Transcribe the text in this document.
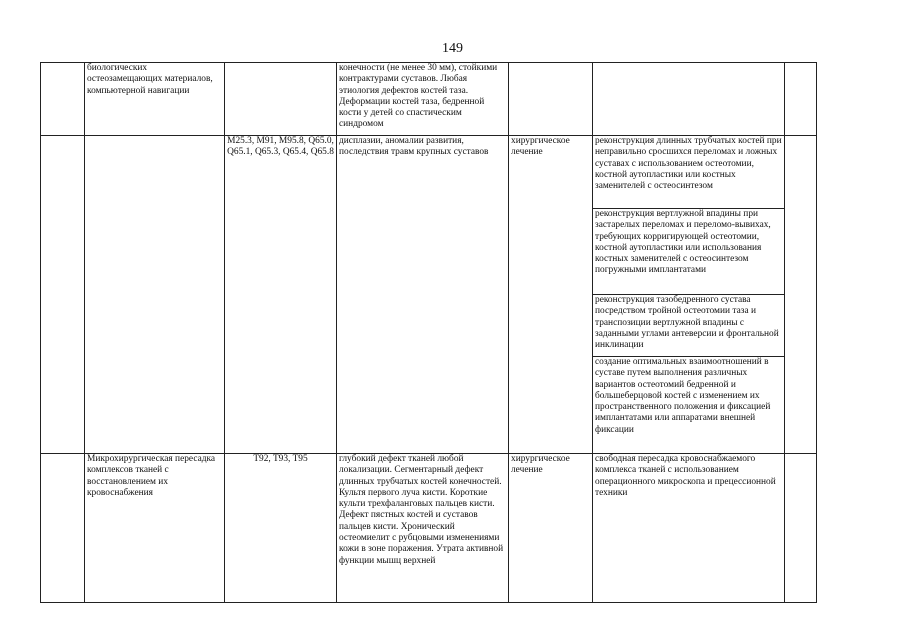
149
	биологических остеозамещающих материалов, компьютерной навигации		конечности (не менее 30 мм), стойкими контрактурами суставов. Любая этиология дефектов костей таза. Деформации костей таза, бедренной кости у детей со спастическим синдромом			
		M25.3, M91, M95.8, Q65.0, Q65.1, Q65.3, Q65.4, Q65.8	дисплазии, аномалии развития, последствия травм крупных суставов	хирургическое лечение	реконструкция длинных трубчатых костей при неправильно сросшихся переломах и ложных суставах с использованием остеотомии, костной аутопластики или костных заменителей с остеосинтезом	
					реконструкция вертлужной впадины при застарелых переломах и переломо-вывихах, требующих корригирующей остеотомии, костной аутопластики или использования костных заменителей с остеосинтезом погружными имплантатами	
					реконструкция тазобедренного сустава посредством тройной остеотомии таза и транспозиции вертлужной впадины с заданными углами антеверсии и фронтальной инклинации	
					создание оптимальных взаимоотношений в суставе путем выполнения различных вариантов остеотомий бедренной и большеберцовой костей с изменением их пространственного положения и фиксацией имплантатами или аппаратами внешней фиксации	
	Микрохирургическая пересадка комплексов тканей с восстановлением их кровоснабжения	T92, T93, T95	глубокий дефект тканей любой локализации. Сегментарный дефект длинных трубчатых костей конечностей. Культя первого луча кисти. Короткие культи трехфаланговых пальцев кисти. Дефект пястных костей и суставов пальцев кисти. Хронический остеомиелит с рубцовыми изменениями кожи в зоне поражения. Утрата активной функции мышц верхней	хирургическое лечение	свободная пересадка кровоснабжаемого комплекса тканей с использованием операционного микроскопа и прецессионной техники	
